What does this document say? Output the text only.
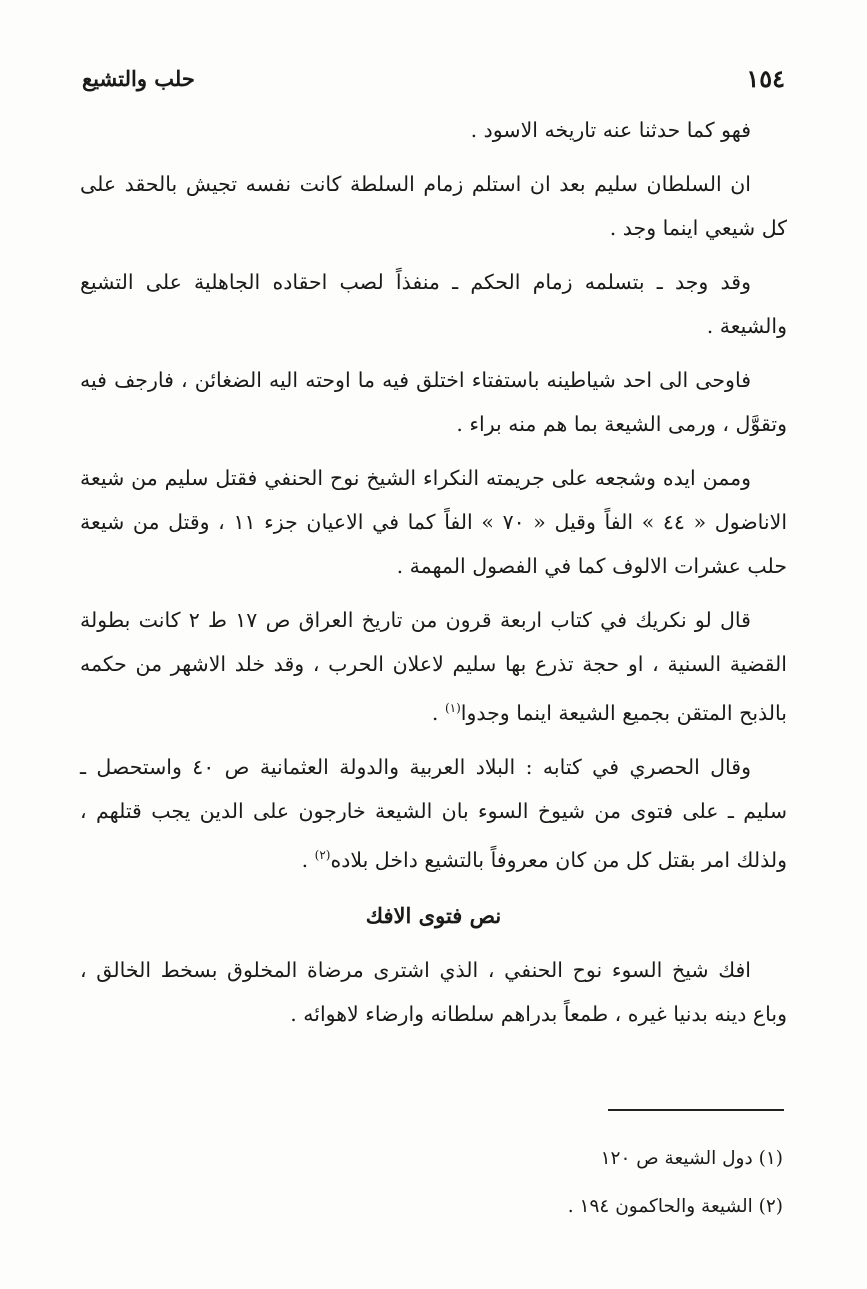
حلب والتشيع	١٥٤

فهو كما حدثنا عنه تاريخه الاسود .

ان السلطان سليم بعد ان استلم زمام السلطة كانت نفسه تجيش بالحقد على كل شيعي اينما وجد .

وقد وجد ـ بتسلمه زمام الحكم ـ منفذاً لصب احقاده الجاهلية على التشيع والشيعة .

فاوحى الى احد شياطينه باستفتاء اختلق فيه ما اوحته اليه الضغائن ، فارجف فيه وتقوَّل ، ورمى الشيعة بما هم منه براء .

وممن ايده وشجعه على جريمته النكراء الشيخ نوح الحنفي فقتل سليم من شيعة الاناضول « ٤٤ » الفاً وقيل « ٧٠ » الفاً كما في الاعيان جزء ١١ ، وقتل من شيعة حلب عشرات الالوف كما في الفصول المهمة .

قال لو نكريك في كتاب اربعة قرون من تاريخ العراق ص ١٧ ط ٢ كانت بطولة القضية السنية ، او حجة تذرع بها سليم لاعلان الحرب ، وقد خلد الاشهر من حكمه بالذبح المتقن بجميع الشيعة اينما وجدوا$^{(١)}$ .

وقال الحصري في كتابه : البلاد العربية والدولة العثمانية ص ٤٠ واستحصل ـ سليم ـ على فتوى من شيوخ السوء بان الشيعة خارجون على الدين يجب قتلهم ، ولذلك امر بقتل كل من كان معروفاً بالتشيع داخل بلاده$^{(٢)}$ .

نص فتوى الافك

افك شيخ السوء نوح الحنفي ، الذي اشترى مرضاة المخلوق بسخط الخالق ، وباع دينه بدنيا غيره ، طمعاً بدراهم سلطانه وارضاء لاهوائه .

(١) دول الشيعة ص ١٢٠
(٢) الشيعة والحاكمون ١٩٤ .
